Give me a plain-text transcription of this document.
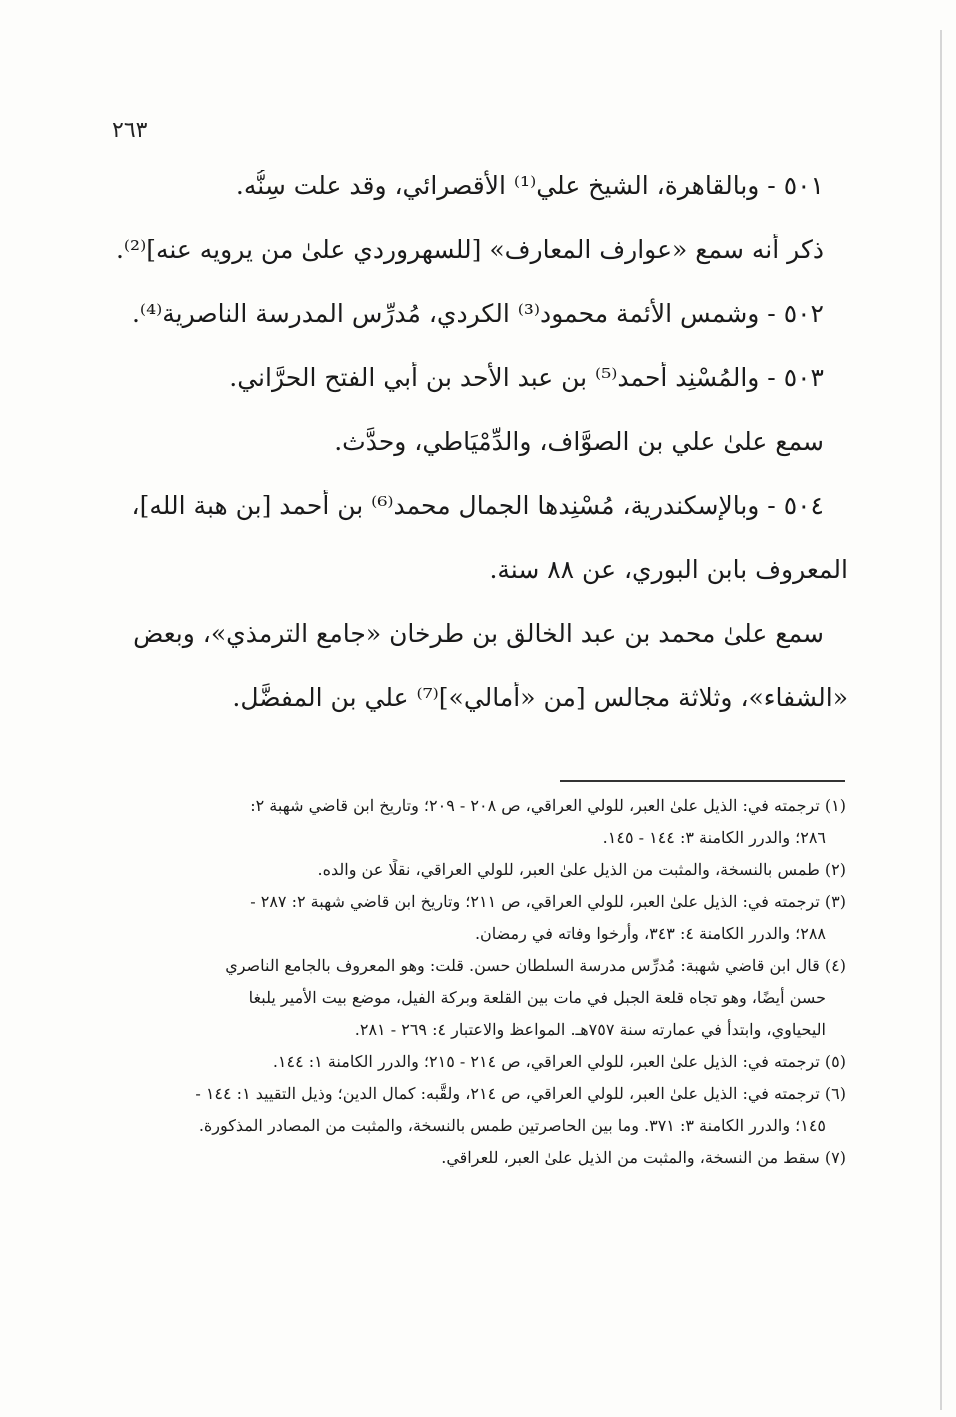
٢٦٣
٥٠١ - وبالقاهرة، الشيخ علي⁽¹⁾ الأقصرائي، وقد علت سِنُّه.
ذكر أنه سمع «عوارف المعارف» [للسهروردي علىٰ من يرويه عنه]⁽²⁾.
٥٠٢ - وشمس الأئمة محمود⁽³⁾ الكردي، مُدرِّس المدرسة الناصرية⁽⁴⁾.
٥٠٣ - والمُسْنِد أحمد⁽⁵⁾ بن عبد الأحد بن أبي الفتح الحرَّاني.
سمع علىٰ علي بن الصوَّاف، والدِّمْيَاطي، وحدَّث.
٥٠٤ - وبالإسكندرية، مُسْنِدها الجمال محمد⁽⁶⁾ بن أحمد [بن هبة الله]،
المعروف بابن البوري، عن ٨٨ سنة.
سمع علىٰ محمد بن عبد الخالق بن طرخان «جامع الترمذي»، وبعض
«الشفاء»، وثلاثة مجالس [من «أمالي»]⁽⁷⁾ علي بن المفضَّل.
(١) ترجمته في: الذيل علىٰ العبر، للولي العراقي، ص ٢٠٨ - ٢٠٩؛ وتاريخ ابن قاضي شهبة ٢:
٢٨٦؛ والدرر الكامنة ٣: ١٤٤ - ١٤٥.
(٢) طمس بالنسخة، والمثبت من الذيل علىٰ العبر، للولي العراقي، نقلًا عن والده.
(٣) ترجمته في: الذيل علىٰ العبر، للولي العراقي، ص ٢١١؛ وتاريخ ابن قاضي شهبة ٢: ٢٨٧ -
٢٨٨؛ والدرر الكامنة ٤: ٣٤٣، وأرخوا وفاته في رمضان.
(٤) قال ابن قاضي شهبة: مُدرِّس مدرسة السلطان حسن. قلت: وهو المعروف بالجامع الناصري
حسن أيضًا، وهو تجاه قلعة الجبل في مات بين القلعة وبركة الفيل، موضع بيت الأمير يلبغا
اليحياوي، وابتدأ في عمارته سنة ٧٥٧هـ. المواعظ والاعتبار ٤: ٢٦٩ - ٢٨١.
(٥) ترجمته في: الذيل علىٰ العبر، للولي العراقي، ص ٢١٤ - ٢١٥؛ والدرر الكامنة ١: ١٤٤.
(٦) ترجمته في: الذيل علىٰ العبر، للولي العراقي، ص ٢١٤، ولقَّبه: كمال الدين؛ وذيل التقييد ١: ١٤٤ -
١٤٥؛ والدرر الكامنة ٣: ٣٧١. وما بين الحاصرتين طمس بالنسخة، والمثبت من المصادر المذكورة.
(٧) سقط من النسخة، والمثبت من الذيل علىٰ العبر، للعراقي.
